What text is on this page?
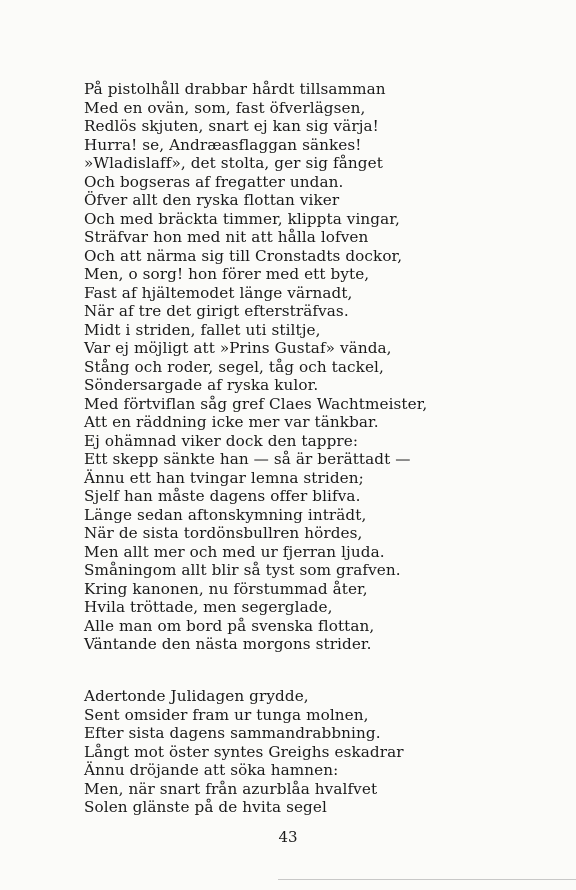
På pistolhåll drabbar hårdt tillsamman
Med en ovän, som, fast öfverlägsen,
Redlös skjuten, snart ej kan sig värja!
Hurra! se, Andræasflaggan sänkes!
»Wladislaff», det stolta, ger sig fånget
Och bogseras af fregatter undan.
Öfver allt den ryska flottan viker
Och med bräckta timmer, klippta vingar,
Sträfvar hon med nit att hålla lofven
Och att närma sig till Cronstadts dockor,
Men, o sorg! hon förer med ett byte,
Fast af hjältemodet länge värnadt,
När af tre det girigt eftersträfvas.
Midt i striden, fallet uti stiltje,
Var ej möjligt att »Prins Gustaf» vända,
Stång och roder, segel, tåg och tackel,
Söndersargade af ryska kulor.
Med förtviflan såg gref Claes Wachtmeister,
Att en räddning icke mer var tänkbar.
Ej ohämnad viker dock den tappre:
Ett skepp sänkte han — så är berättadt —
Ännu ett han tvingar lemna striden;
Sjelf han måste dagens offer blifva.
Länge sedan aftonskymning inträdt,
När de sista tordönsbullren hördes,
Men allt mer och med ur fjerran ljuda.
Småningom allt blir så tyst som grafven.
Kring kanonen, nu förstummad åter,
Hvila tröttade, men segerglade,
Alle man om bord på svenska flottan,
Väntande den nästa morgons strider.
Adertonde Julidagen grydde,
Sent omsider fram ur tunga molnen,
Efter sista dagens sammandrabbning.
Långt mot öster syntes Greighs eskadrar
Ännu dröjande att söka hamnen:
Men, när snart från azurblåa hvalfvet
Solen glänste på de hvita segel
43
